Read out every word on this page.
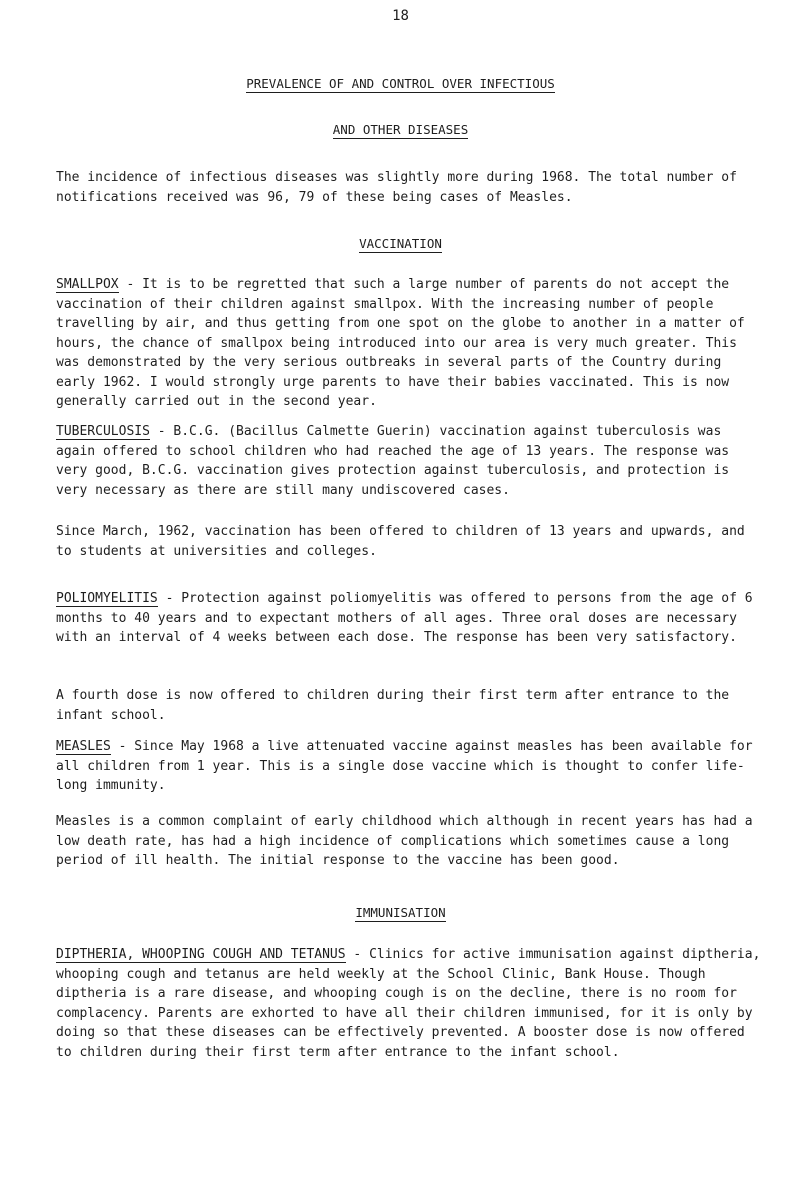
18
PREVALENCE OF AND CONTROL OVER INFECTIOUS
AND OTHER DISEASES

The incidence of infectious diseases was slightly more during 1968. The total number of notifications received was 96, 79 of these being cases of Measles.

VACCINATION

SMALLPOX - It is to be regretted that such a large number of parents do not accept the vaccination of their children against smallpox. With the increasing number of people travelling by air, and thus getting from one spot on the globe to another in a matter of hours, the chance of smallpox being introduced into our area is very much greater. This was demonstrated by the very serious outbreaks in several parts of the Country during early 1962. I would strongly urge parents to have their babies vaccinated. This is now generally carried out in the second year.

TUBERCULOSIS - B.C.G. (Bacillus Calmette Guerin) vaccination against tuberculosis was again offered to school children who had reached the age of 13 years. The response was very good, B.C.G. vaccination gives protection against tuberculosis, and protection is very necessary as there are still many undiscovered cases.

Since March, 1962, vaccination has been offered to children of 13 years and upwards, and to students at universities and colleges.

POLIOMYELITIS - Protection against poliomyelitis was offered to persons from the age of 6 months to 40 years and to expectant mothers of all ages. Three oral doses are necessary with an interval of 4 weeks between each dose. The response has been very satisfactory.

A fourth dose is now offered to children during their first term after entrance to the infant school.

MEASLES - Since May 1968 a live attenuated vaccine against measles has been available for all children from 1 year. This is a single dose vaccine which is thought to confer life-long immunity.

Measles is a common complaint of early childhood which although in recent years has had a low death rate, has had a high incidence of complications which sometimes cause a long period of ill health. The initial response to the vaccine has been good.

IMMUNISATION

DIPTHERIA, WHOOPING COUGH AND TETANUS - Clinics for active immunisation against diptheria, whooping cough and tetanus are held weekly at the School Clinic, Bank House. Though diptheria is a rare disease, and whooping cough is on the decline, there is no room for complacency. Parents are exhorted to have all their children immunised, for it is only by doing so that these diseases can be effectively prevented. A booster dose is now offered to children during their first term after entrance to the infant school.
